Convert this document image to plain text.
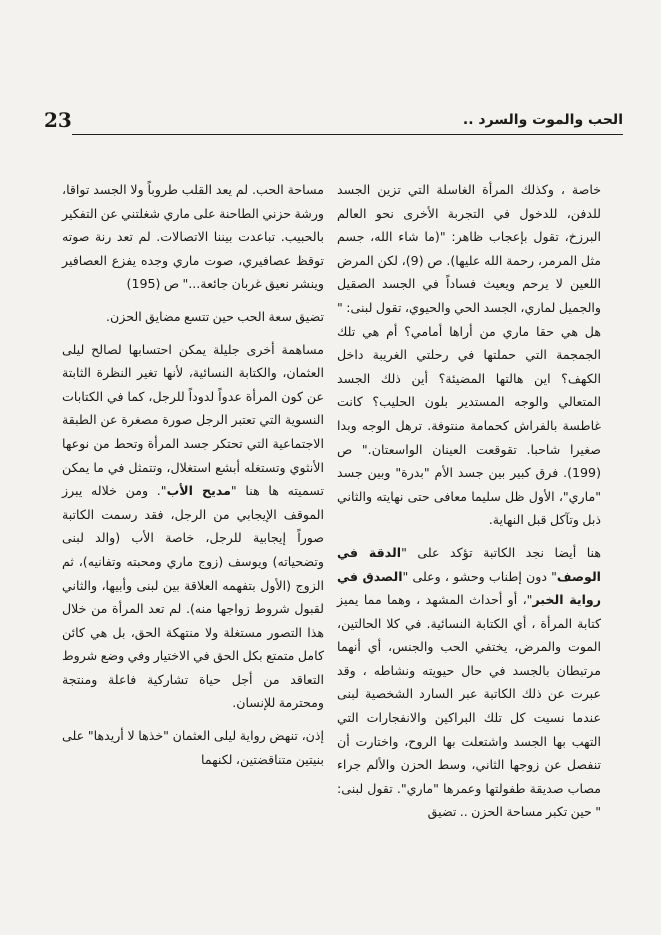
23	الحب والموت والسرد ..

خاصة ، وكذلك المرأة الغاسلة التي تزين الجسد للدفن، للدخول في التجربة الأخرى نحو العالم البرزخ، تقول بإعجاب ظاهر: "(ما شاء الله، جسم مثل المرمر، رحمة الله عليها). ص (9)، لكن المرض اللعين لا يرحم ويعيث فساداً في الجسد الصقيل والجميل لماري، الجسد الحي والحيوي، تقول لبنى: " هل هي حقا ماري من أراها أمامي؟ أم هي تلك الجمجمة التي حملتها في رحلتي الغريبة داخل الكهف؟ اين هالتها المضيئة؟ أين ذلك الجسد المتعالي والوجه المستدير بلون الحليب؟ كانت غاطسة بالفراش كحمامة منتوفة. ترهل الوجه وبدا صغيرا شاحبا. تقوقعت العينان الواسعتان." ص (199). فرق كبير بين جسد الأم "بدرة" وبين جسد "ماري"، الأول ظل سليما معافى حتى نهايته والثاني ذبل وتآكل قبل النهاية.

هنا أيضا نجد الكاتبة تؤكد على "الدقة في الوصف" دون إطناب وحشو ، وعلى "الصدق في رواية الخبر"، أو أحداث المشهد ، وهما مما يميز كتابة المرأة ، أي الكتابة النسائية. في كلا الحالتين، الموت والمرض، يختفي الحب والجنس، أي أنهما مرتبطان بالجسد في حال حيويته ونشاطه ، وقد عبرت عن ذلك الكاتبة عبر السارد الشخصية لبنى عندما نسيت كل تلك البراكين والانفجارات التي التهب بها الجسد واشتعلت بها الروح، واختارت أن تنفصل عن زوجها الثاني، وسط الحزن والألم جراء مصاب صديقة طفولتها وعمرها "ماري". تقول لبنى: " حين تكبر مساحة الحزن .. تضيق

مساحة الحب. لم يعد القلب طروباً ولا الجسد تواقا، ورشة حزني الطاحنة على ماري شغلتني عن التفكير بالحبيب. تباعدت بيننا الاتصالات. لم تعد رنة صوته توقظ عصافيري، صوت ماري وجده يفزع العصافير وينشر نعيق غربان جائعة..." ص (195)

تضيق سعة الحب حين تتسع مضايق الحزن.

مساهمة أخرى جليلة يمكن احتسابها لصالح ليلى العثمان، والكتابة النسائية، لأنها تغير النظرة الثابتة عن كون المرأة عدواً لدوداً للرجل، كما في الكتابات النسوية التي تعتبر الرجل صورة مصغرة عن الطبقة الاجتماعية التي تحتكر جسد المرأة وتحط من نوعها الأنثوي وتستغله أبشع استغلال، وتتمثل في ما يمكن تسميته ها هنا "مديح الأب". ومن خلاله يبرز الموقف الإيجابي من الرجل، فقد رسمت الكاتبة صوراً إيجابية للرجل، خاصة الأب (والد لبنى وتضحياته) ويوسف (زوج ماري ومحبته وتفانيه)، ثم الزوج (الأول بتفهمه العلاقة بين لبنى وأبيها، والثاني لقبول شروط زواجها منه). لم تعد المرأة من خلال هذا التصور مستغلة ولا منتهكة الحق، بل هي كائن كامل متمتع بكل الحق في الاختيار وفي وضع شروط التعاقد من أجل حياة تشاركية فاعلة ومنتجة ومحترمة للإنسان.

إذن، تنهض رواية ليلى العثمان "خذها لا أريدها" على بنيتين متناقضتين، لكنهما
